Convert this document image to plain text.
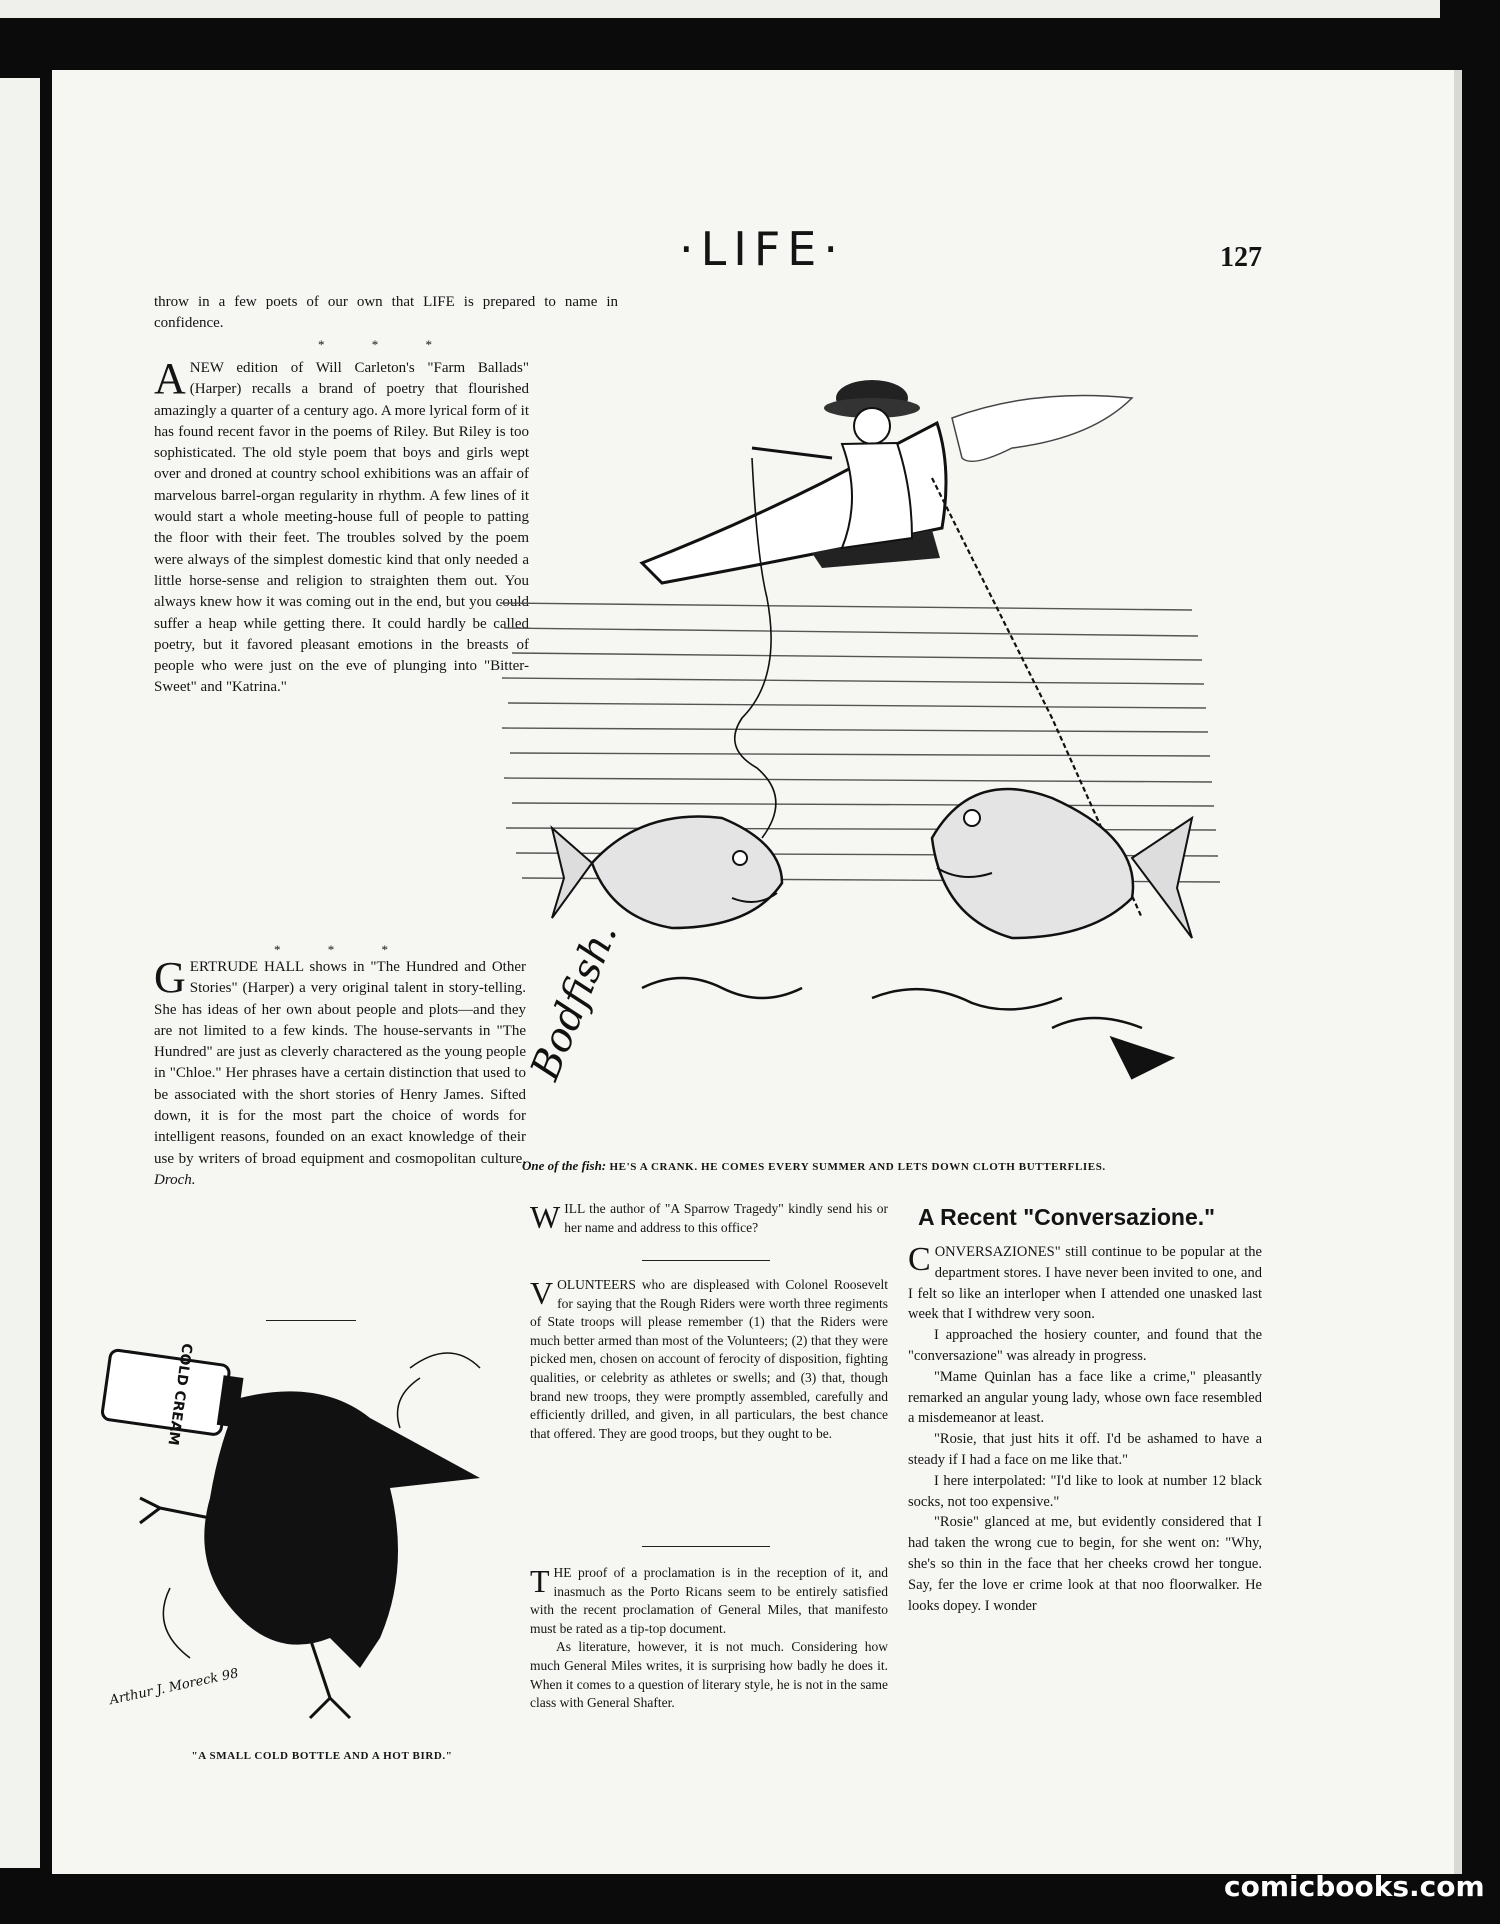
·LIFE·	127

throw in a few poets of our own that LIFE is prepared to name in confidence.

* * *

ANEW edition of Will Carleton's "Farm Ballads" (Harper) recalls a brand of poetry that flourished amazingly a quarter of a century ago. A more lyrical form of it has found recent favor in the poems of Riley. But Riley is too sophisticated. The old style poem that boys and girls wept over and droned at country school exhibitions was an affair of marvelous barrel-organ regularity in rhythm. A few lines of it would start a whole meeting-house full of people to patting the floor with their feet. The troubles solved by the poem were always of the simplest domestic kind that only needed a little horse-sense and religion to straighten them out. You always knew how it was coming out in the end, but you could suffer a heap while getting there. It could hardly be called poetry, but it favored pleasant emotions in the breasts of people who were just on the eve of plunging into "Bitter-Sweet" and "Katrina."

* * *

GERTRUDE HALL shows in "The Hundred and Other Stories" (Harper) a very original talent in story-telling. She has ideas of her own about people and plots—and they are not limited to a few kinds. The house-servants in "The Hundred" are just as cleverly charactered as the young people in "Chloe." Her phrases have a certain distinction that used to be associated with the short stories of Henry James. Sifted down, it is for the most part the choice of words for intelligent reasons, founded on an exact knowledge of their use by writers of broad equipment and cosmopolitan culture. Droch.

Bodfish.
One of the fish: HE'S A CRANK. HE COMES EVERY SUMMER AND LETS DOWN CLOTH BUTTERFLIES.
COLD CREAM
Arthur J. Moreck 98
"A SMALL COLD BOTTLE AND A HOT BIRD."

WILL the author of "A Sparrow Tragedy" kindly send his or her name and address to this office?

VOLUNTEERS who are displeased with Colonel Roosevelt for saying that the Rough Riders were worth three regiments of State troops will please remember (1) that the Riders were much better armed than most of the Volunteers; (2) that they were picked men, chosen on account of ferocity of disposition, fighting qualities, or celebrity as athletes or swells; and (3) that, though brand new troops, they were promptly assembled, carefully and efficiently drilled, and given, in all particulars, the best chance that offered. They are good troops, but they ought to be.

THE proof of a proclamation is in the reception of it, and inasmuch as the Porto Ricans seem to be entirely satisfied with the recent proclamation of General Miles, that manifesto must be rated as a tip-top document.

As literature, however, it is not much. Considering how much General Miles writes, it is surprising how badly he does it. When it comes to a question of literary style, he is not in the same class with General Shafter.

A Recent "Conversazione."

CONVERSAZIONES" still continue to be popular at the department stores. I have never been invited to one, and I felt so like an interloper when I attended one unasked last week that I withdrew very soon.

I approached the hosiery counter, and found that the "conversazione" was already in progress.

"Mame Quinlan has a face like a crime," pleasantly remarked an angular young lady, whose own face resembled a misdemeanor at least.

"Rosie, that just hits it off. I'd be ashamed to have a steady if I had a face on me like that."

I here interpolated: "I'd like to look at number 12 black socks, not too expensive."

"Rosie" glanced at me, but evidently considered that I had taken the wrong cue to begin, for she went on: "Why, she's so thin in the face that her cheeks crowd her tongue. Say, fer the love er crime look at that noo floorwalker. He looks dopey. I wonder

comicbooks.com
